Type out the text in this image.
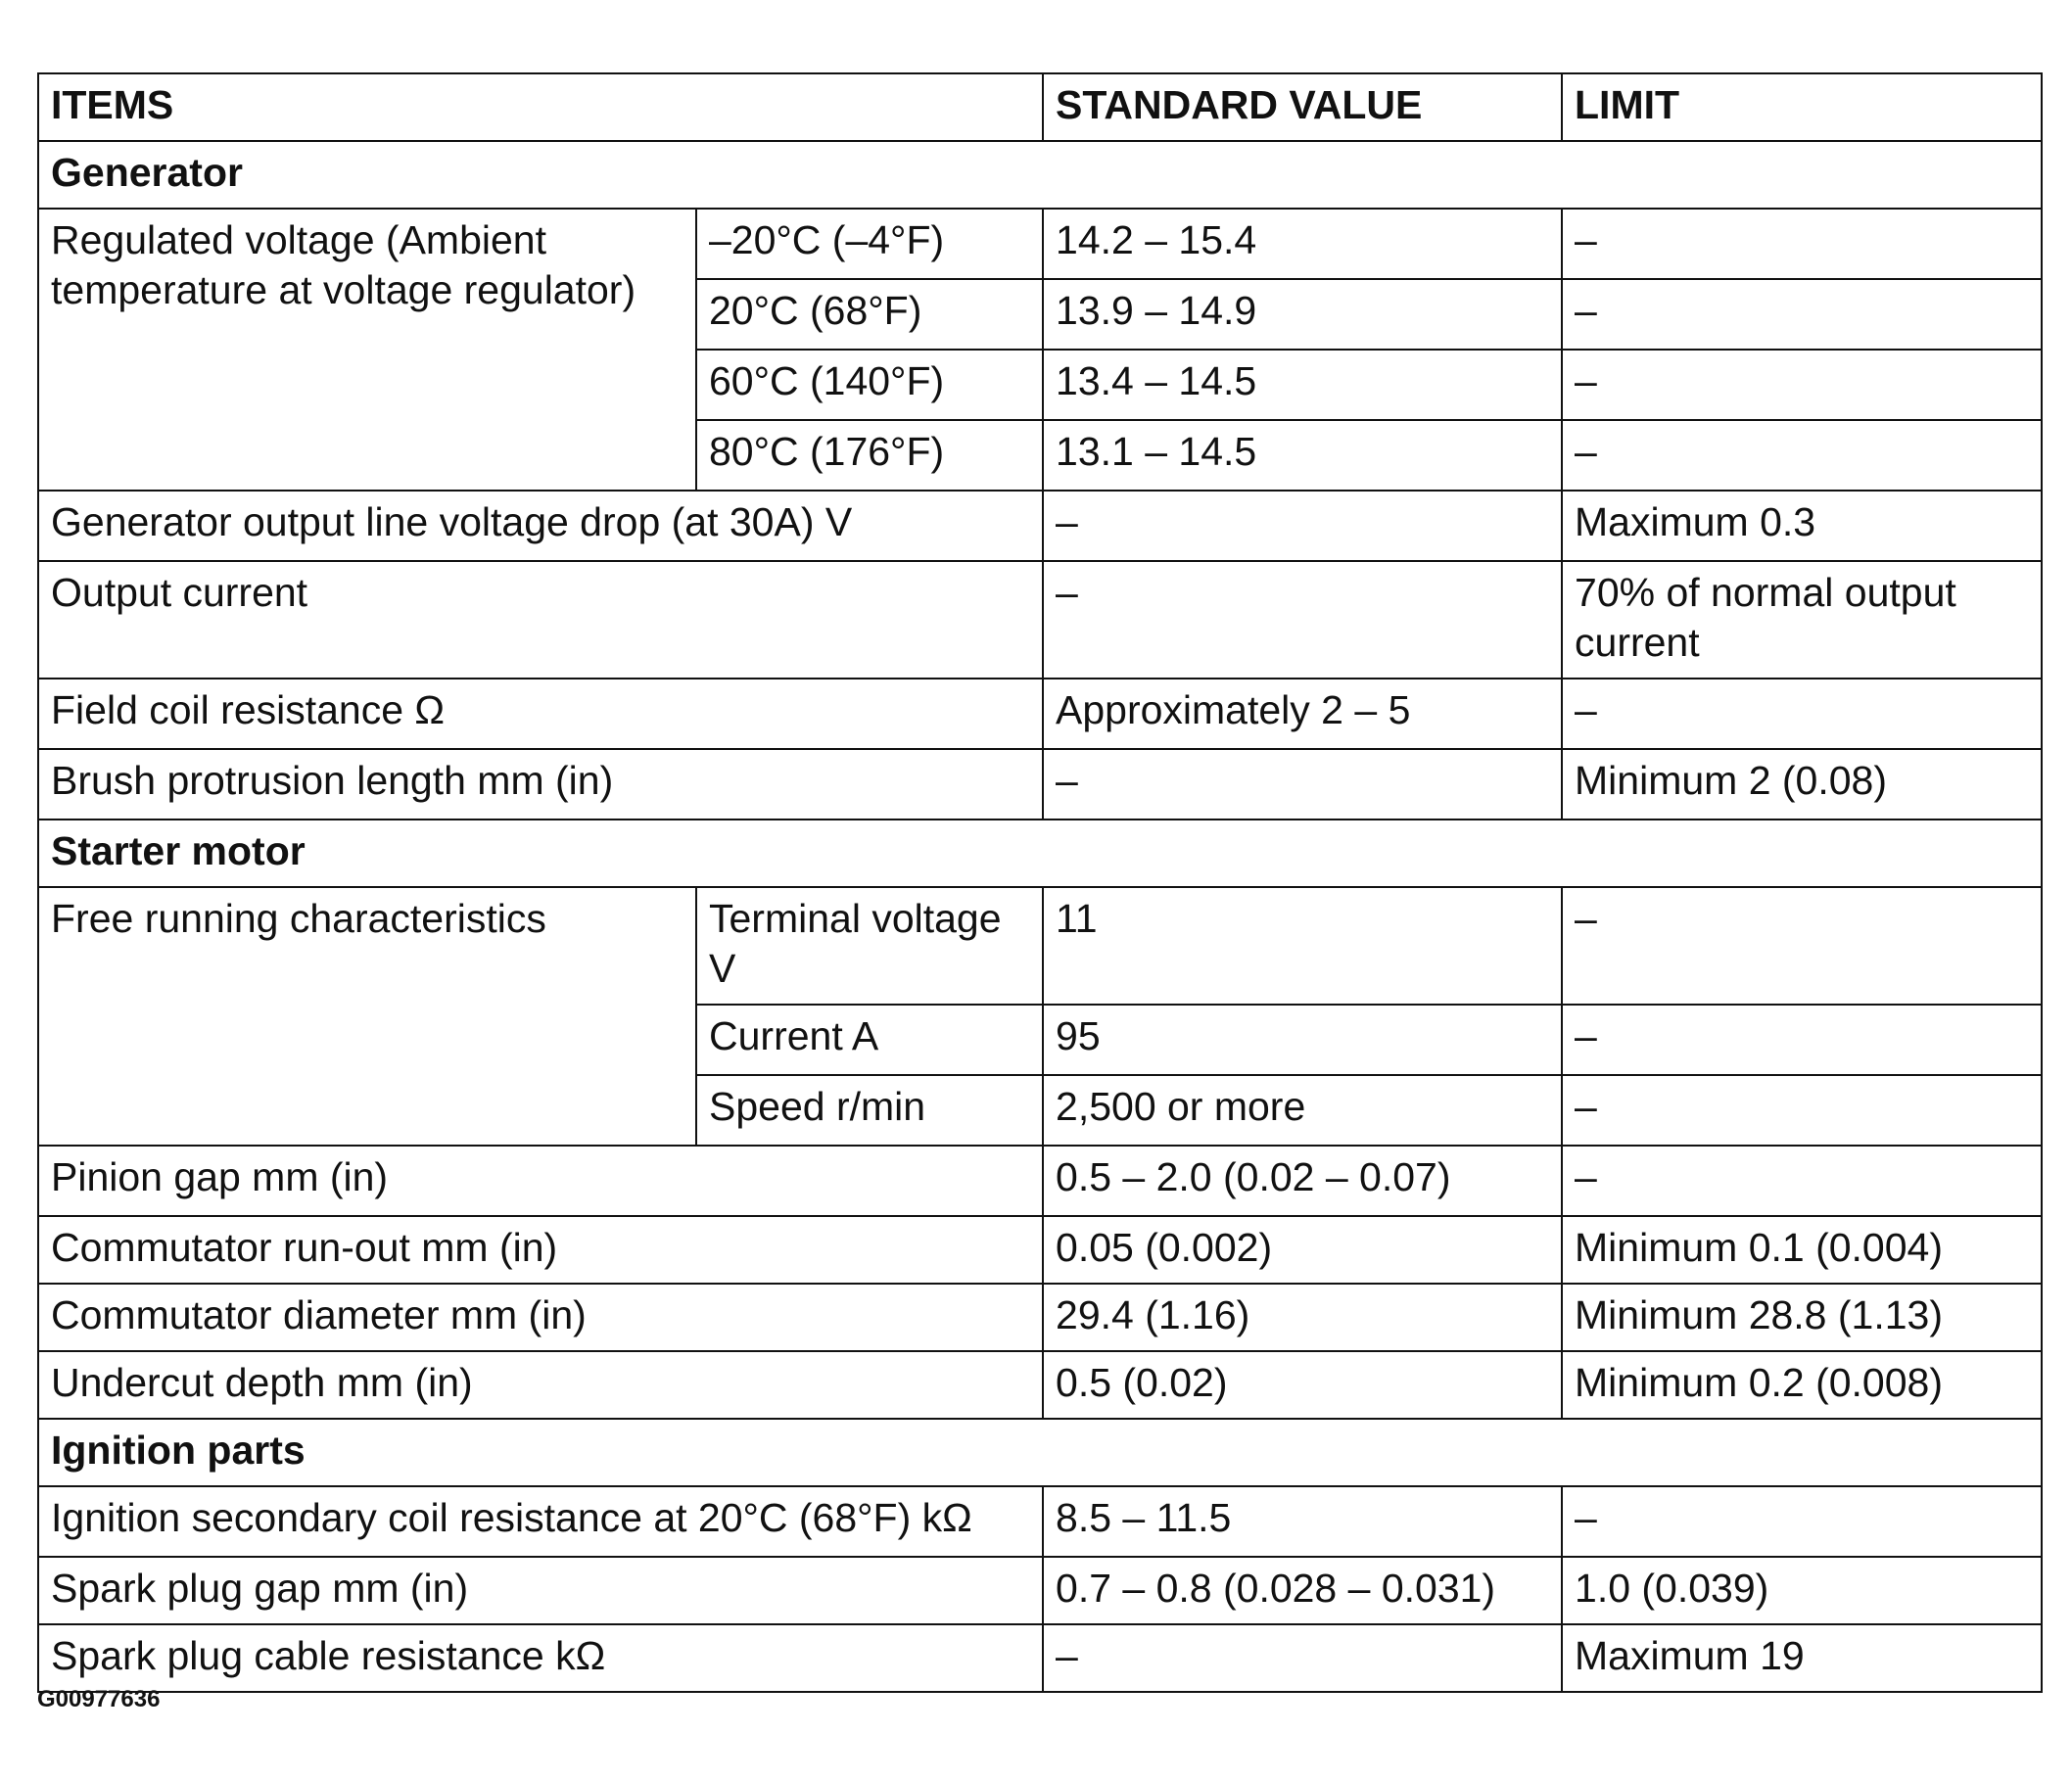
ITEMS		STANDARD VALUE	LIMIT
Generator			
Regulated voltage (Ambient temperature at voltage regulator)	–20°C (–4°F)	14.2 – 15.4	–
	20°C (68°F)	13.9 – 14.9	–
	60°C (140°F)	13.4 – 14.5	–
	80°C (176°F)	13.1 – 14.5	–
Generator output line voltage drop (at 30A) V		–	Maximum 0.3
Output current		–	70% of normal output current
Field coil resistance Ω		Approximately 2 – 5	–
Brush protrusion length mm (in)		–	Minimum 2 (0.08)
Starter motor			
Free running characteristics	Terminal voltage V	11	–
	Current A	95	–
	Speed r/min	2,500 or more	–
Pinion gap mm (in)		0.5 – 2.0 (0.02 – 0.07)	–
Commutator run-out mm (in)		0.05 (0.002)	Minimum 0.1 (0.004)
Commutator diameter mm (in)		29.4 (1.16)	Minimum 28.8 (1.13)
Undercut depth mm (in)		0.5 (0.02)	Minimum 0.2 (0.008)
Ignition parts			
Ignition secondary coil resistance at 20°C (68°F) kΩ		8.5 – 11.5	–
Spark plug gap mm (in)		0.7 – 0.8 (0.028 – 0.031)	1.0 (0.039)
Spark plug cable resistance kΩ		–	Maximum 19
G00977636
